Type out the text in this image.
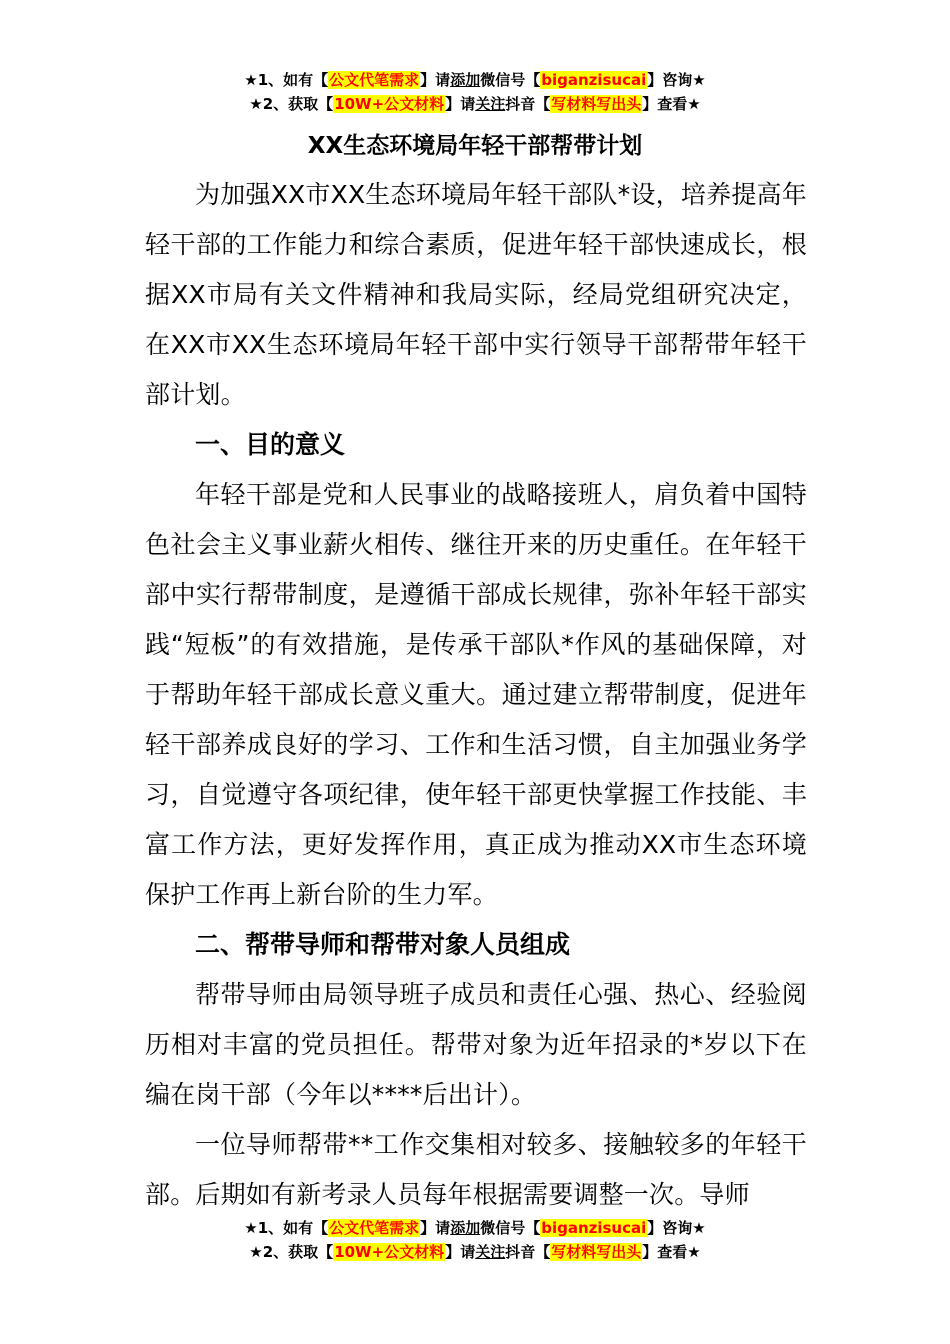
★1、如有【公文代笔需求】请添加微信号【biganzisucai】咨询★
★2、获取【10W+公文材料】请关注抖音【写材料写出头】查看★
XX生态环境局年轻干部帮带计划

为加强XX市XX生态环境局年轻干部队*设，培养提高年轻干部的工作能力和综合素质，促进年轻干部快速成长，根据XX市局有关文件精神和我局实际，经局党组研究决定，在XX市XX生态环境局年轻干部中实行领导干部帮带年轻干部计划。

一、目的意义

年轻干部是党和人民事业的战略接班人，肩负着中国特色社会主义事业薪火相传、继往开来的历史重任。在年轻干部中实行帮带制度，是遵循干部成长规律，弥补年轻干部实践“短板”的有效措施，是传承干部队*作风的基础保障，对于帮助年轻干部成长意义重大。通过建立帮带制度，促进年轻干部养成良好的学习、工作和生活习惯，自主加强业务学习，自觉遵守各项纪律，使年轻干部更快掌握工作技能、丰富工作方法，更好发挥作用，真正成为推动XX市生态环境保护工作再上新台阶的生力军。

二、帮带导师和帮带对象人员组成

帮带导师由局领导班子成员和责任心强、热心、经验阅历相对丰富的党员担任。帮带对象为近年招录的*岁以下在编在岗干部（今年以****后出计）。

一位导师帮带**工作交集相对较多、接触较多的年轻干部。后期如有新考录人员每年根据需要调整一次。导师

★1、如有【公文代笔需求】请添加微信号【biganzisucai】咨询★
★2、获取【10W+公文材料】请关注抖音【写材料写出头】查看★
